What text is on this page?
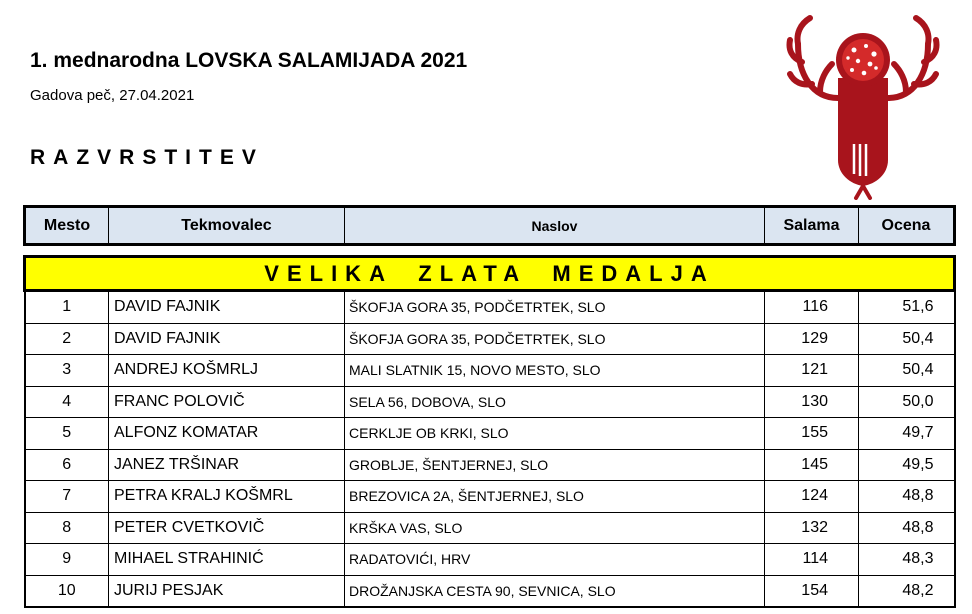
1. mednarodna LOVSKA SALAMIJADA 2021
Gadova peč, 27.04.2021
RAZVRSTITEV
Mesto	Tekmovalec	Naslov	Salama	Ocena
VELIKA ZLATA MEDALJA				
1	DAVID FAJNIK	ŠKOFJA GORA 35, PODČETRTEK, SLO	116	51,6
2	DAVID FAJNIK	ŠKOFJA GORA 35, PODČETRTEK, SLO	129	50,4
3	ANDREJ KOŠMRLJ	MALI SLATNIK 15, NOVO MESTO, SLO	121	50,4
4	FRANC POLOVIČ	SELA 56, DOBOVA, SLO	130	50,0
5	ALFONZ KOMATAR	CERKLJE OB KRKI, SLO	155	49,7
6	JANEZ TRŠINAR	GROBLJE, ŠENTJERNEJ, SLO	145	49,5
7	PETRA KRALJ KOŠMRL	BREZOVICA 2A, ŠENTJERNEJ, SLO	124	48,8
8	PETER CVETKOVIČ	KRŠKA VAS, SLO	132	48,8
9	MIHAEL STRAHINIĆ	RADATOVIĆI, HRV	114	48,3
10	JURIJ PESJAK	DROŽANJSKA CESTA 90, SEVNICA, SLO	154	48,2
